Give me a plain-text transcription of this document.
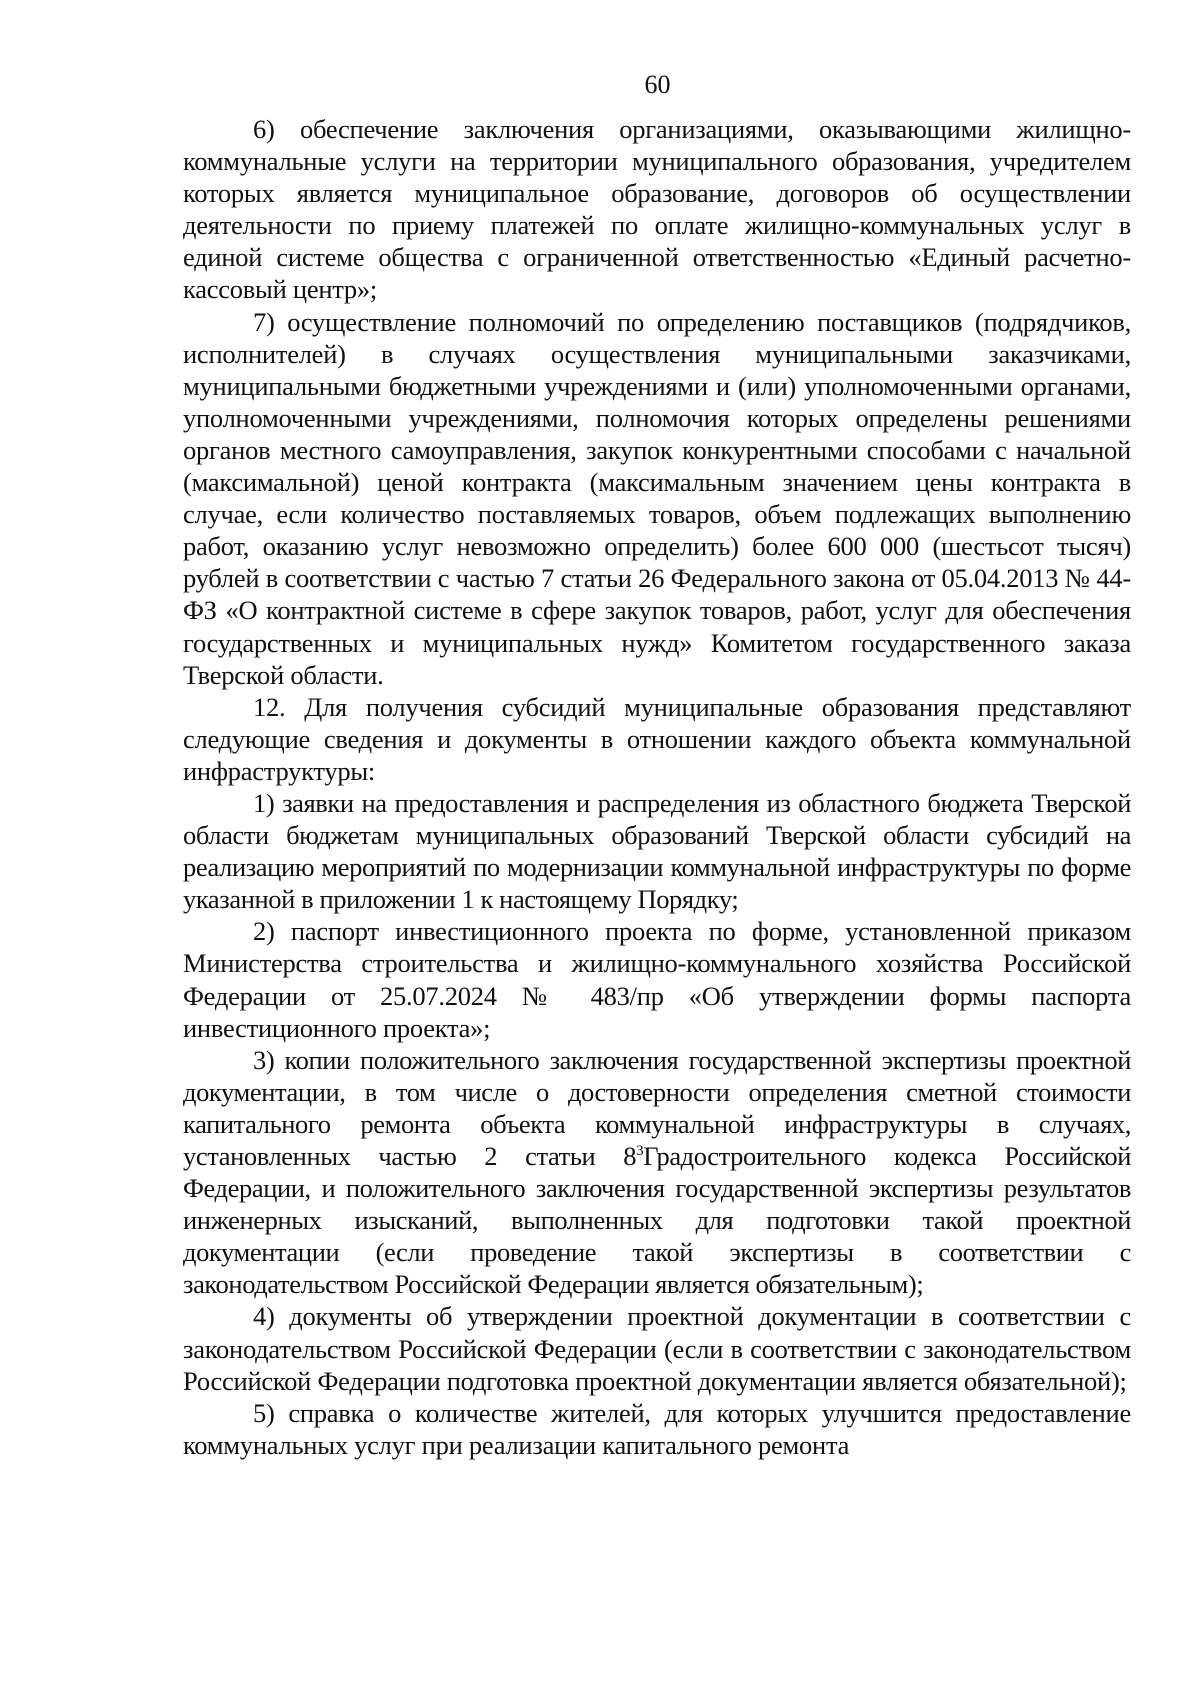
60

6) обеспечение заключения организациями, оказывающими жилищно-коммунальные услуги на территории муниципального образования, учредителем которых является муниципальное образование, договоров об осуществлении деятельности по приему платежей по оплате жилищно-коммунальных услуг в единой системе общества с ограниченной ответственностью «Единый расчетно-кассовый центр»;

7) осуществление полномочий по определению поставщиков (подрядчиков, исполнителей) в случаях осуществления муниципальными заказчиками, муниципальными бюджетными учреждениями и (или) уполномоченными органами, уполномоченными учреждениями, полномочия которых определены решениями органов местного самоуправления, закупок конкурентными способами с начальной (максимальной) ценой контракта (максимальным значением цены контракта в случае, если количество поставляемых товаров, объем подлежащих выполнению работ, оказанию услуг невозможно определить) более 600 000 (шестьсот тысяч) рублей в соответствии с частью 7 статьи 26 Федерального закона от 05.04.2013 № 44-ФЗ «О контрактной системе в сфере закупок товаров, работ, услуг для обеспечения государственных и муниципальных нужд» Комитетом государственного заказа Тверской области.

12. Для получения субсидий муниципальные образования представляют следующие сведения и документы в отношении каждого объекта коммунальной инфраструктуры:

1) заявки на предоставления и распределения из областного бюджета Тверской области бюджетам муниципальных образований Тверской области субсидий на реализацию мероприятий по модернизации коммунальной инфраструктуры по форме указанной в приложении 1 к настоящему Порядку;

2) паспорт инвестиционного проекта по форме, установленной приказом Министерства строительства и жилищно-коммунального хозяйства Российской Федерации от 25.07.2024 № 483/пр «Об утверждении формы паспорта инвестиционного проекта»;

3) копии положительного заключения государственной экспертизы проектной документации, в том числе о достоверности определения сметной стоимости капитального ремонта объекта коммунальной инфраструктуры в случаях, установленных частью 2 статьи $8^3Градостроительного$ кодекса Российской Федерации, и положительного заключения государственной экспертизы результатов инженерных изысканий, выполненных для подготовки такой проектной документации (если проведение такой экспертизы в соответствии с законодательством Российской Федерации является обязательным);

4) документы об утверждении проектной документации в соответствии с законодательством Российской Федерации (если в соответствии с законодательством Российской Федерации подготовка проектной документации является обязательной);

5) справка о количестве жителей, для которых улучшится предоставление коммунальных услуг при реализации капитального ремонта
